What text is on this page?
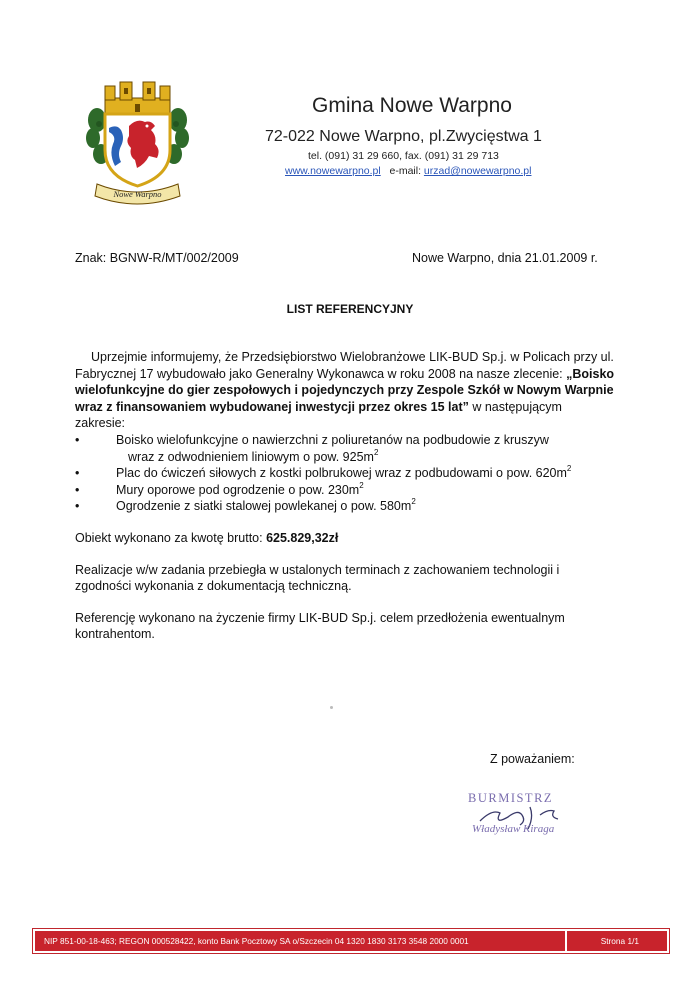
Nowe Warpno
Gmina Nowe Warpno
72-022 Nowe Warpno, pl.Zwycięstwa 1
tel. (091) 31 29 660, fax. (091) 31 29 713
www.nowewarpno.pl e-mail: urzad@nowewarpno.pl
Znak: BGNW-R/MT/002/2009	Nowe Warpno, dnia 21.01.2009 r.
LIST REFERENCYJNY

Uprzejmie informujemy, że Przedsiębiorstwo Wielobranżowe LIK-BUD Sp.j. w Policach przy ul. Fabrycznej 17 wybudowało jako Generalny Wykonawca w roku 2008 na nasze zlecenie: „Boisko wielofunkcyjne do gier zespołowych i pojedynczych przy Zespole Szkół w Nowym Warpnie wraz z finansowaniem wybudowanej inwestycji przez okres 15 lat” w następującym zakresie:

•	Boisko wielofunkcyjne o nawierzchni z poliuretanów na podbudowie z kruszyw
wraz z odwodnieniem liniowym o pow. $925m^2$
•	Plac do ćwiczeń siłowych z kostki polbrukowej wraz z podbudowami o pow. $620m^2$
•	Mury oporowe pod ogrodzenie o pow. $230m^2$
•	Ogrodzenie z siatki stalowej powlekanej o pow. $580m^2$

Obiekt wykonano za kwotę brutto: 625.829,32zł

Realizacje w/w zadania przebiegła w ustalonych terminach z zachowaniem technologii i zgodności wykonania z dokumentacją techniczną.

Referencję wykonano na życzenie firmy LIK-BUD Sp.j. celem przedłożenia ewentualnym kontrahentom.

Z poważaniem:
BURMISTRZ
Władysław Kiraga
NIP 851-00-18-463; REGON 000528422, konto Bank Pocztowy SA o/Szczecin 04 1320 1830 3173 3548 2000 0001	Strona 1/1
